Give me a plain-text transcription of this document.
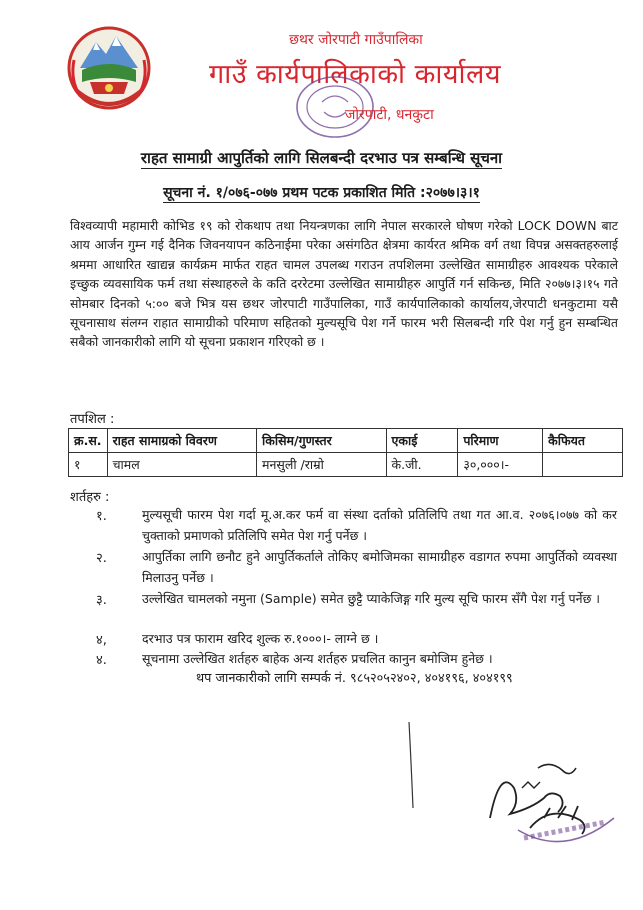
छथर जोरपाटी गाउँपालिका
गाउँ कार्यपालिकाको कार्यालय
जोरपाटी, धनकुटा
राहत सामाग्री आपुर्तिको लागि सिलबन्दी दरभाउ पत्र सम्बन्धि सूचना
सूचना नं. १/०७६-०७७ प्रथम पटक प्रकाशित मिति :२०७७।३।१
विश्वव्यापी महामारी कोभिड १९ को रोकथाप तथा नियन्त्रणका लागि नेपाल सरकारले घोषण गरेको LOCK DOWN बाट आय आर्जन गुम्न गई दैनिक जिवनयापन कठिनाईमा परेका असंगठित क्षेत्रमा कार्यरत श्रमिक वर्ग तथा विपन्न असक्तहरुलाई श्रममा आधारित खाद्यन्न कार्यक्रम मार्फत राहत चामल उपलब्ध गराउन तपशिलमा उल्लेखित सामाग्रीहरु आवश्यक परेकाले इच्छुक व्यवसायिक फर्म तथा संस्थाहरुले के कति दररेटमा उल्लेखित सामाग्रीहरु आपुर्ति गर्न सकिन्छ, मिति २०७७।३।१५ गते सोमबार दिनको ५:०० बजे भित्र यस छथर जोरपाटी गाउँपालिका, गाउँ कार्यपालिकाको कार्यालय,जेरपाटी धनकुटामा यसै सूचनासाथ संलग्न राहात सामाग्रीको परिमाण सहितको मुल्यसूचि पेश गर्ने फारम भरी सिलबन्दी गरि पेश गर्नु हुन सम्बन्धित सबैको जानकारीको लागि यो सूचना प्रकाशन गरिएको छ ।
तपशिल :
क्र.स.	राहत सामाग्रको विवरण	किसिम/गुणस्तर	एकाई	परिमाण	कैफियत
१	चामल	मनसुली /राम्रो	के.जी.	३०,०००।-	
शर्तहरु :
१.	मुल्यसूची फारम पेश गर्दा मू.अ.कर फर्म वा संस्था दर्ताको प्रतिलिपि तथा गत आ.व. २०७६।०७७ को कर चुक्ताको प्रमाणको प्रतिलिपि समेत पेश गर्नु पर्नेछ ।
२.	आपुर्तिका लागि छनौट हुने आपुर्तिकर्ताले तोकिए बमोजिमका सामाग्रीहरु वडागत रुपमा आपुर्तिको व्यवस्था मिलाउनु पर्नेछ ।
३.	उल्लेखित चामलको नमुना (Sample) समेत छुट्टै प्याकेजिङ्ग गरि मुल्य सूचि फारम सँगै पेश गर्नु पर्नेछ ।
४,	दरभाउ पत्र फाराम खरिद शुल्क रु.१०००।- लाग्ने छ ।
४.	सूचनामा उल्लेखित शर्तहरु बाहेक अन्य शर्तहरु प्रचलित कानुन बमोजिम हुनेछ ।
थप जानकारीको लागि सम्पर्क नं. ९८५२०५२४०२, ४०४१९६, ४०४१९९
